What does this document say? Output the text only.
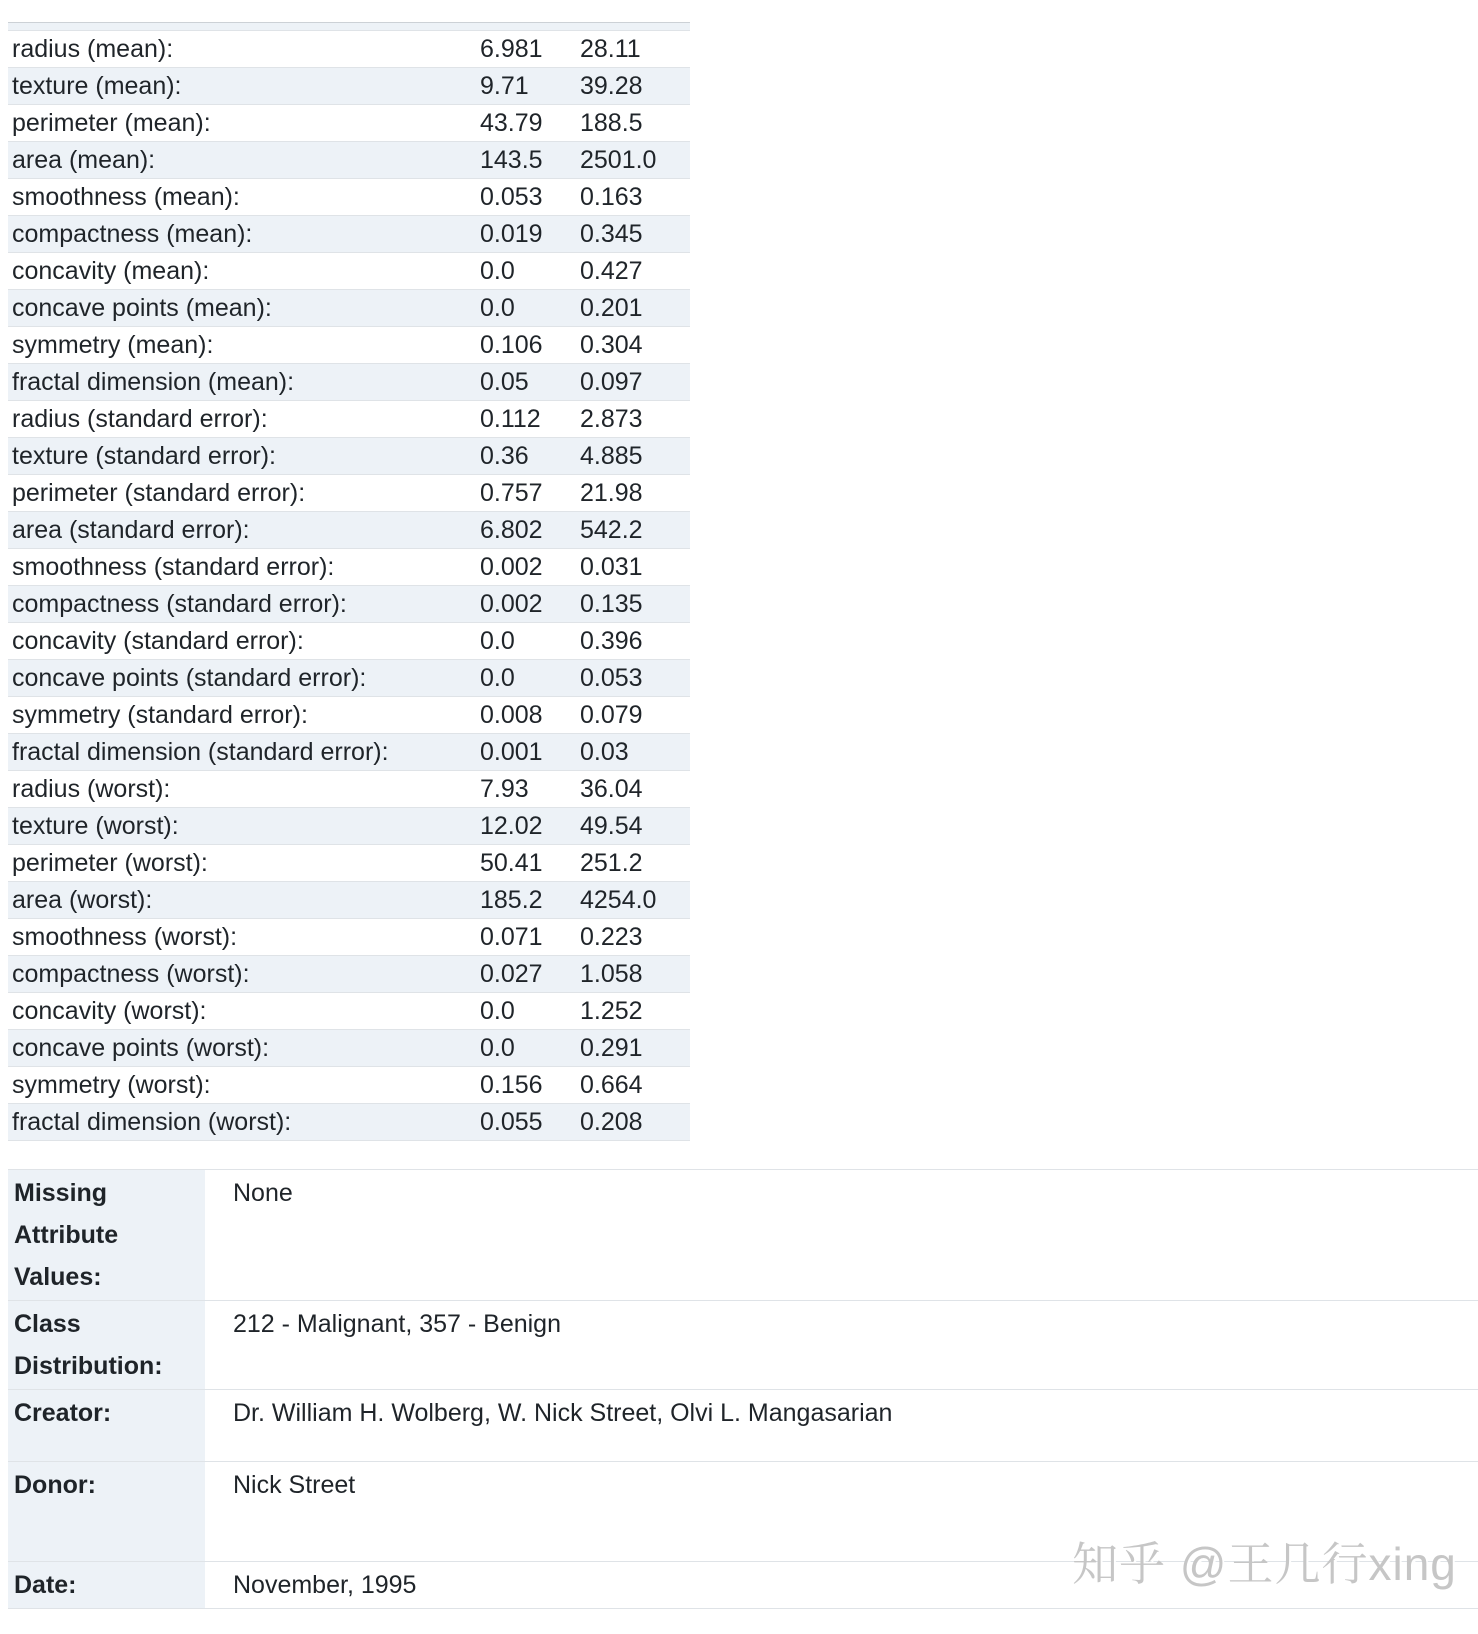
radius (mean):	6.981	28.11
texture (mean):	9.71	39.28
perimeter (mean):	43.79	188.5
area (mean):	143.5	2501.0
smoothness (mean):	0.053	0.163
compactness (mean):	0.019	0.345
concavity (mean):	0.0	0.427
concave points (mean):	0.0	0.201
symmetry (mean):	0.106	0.304
fractal dimension (mean):	0.05	0.097
radius (standard error):	0.112	2.873
texture (standard error):	0.36	4.885
perimeter (standard error):	0.757	21.98
area (standard error):	6.802	542.2
smoothness (standard error):	0.002	0.031
compactness (standard error):	0.002	0.135
concavity (standard error):	0.0	0.396
concave points (standard error):	0.0	0.053
symmetry (standard error):	0.008	0.079
fractal dimension (standard error):	0.001	0.03
radius (worst):	7.93	36.04
texture (worst):	12.02	49.54
perimeter (worst):	50.41	251.2
area (worst):	185.2	4254.0
smoothness (worst):	0.071	0.223
compactness (worst):	0.027	1.058
concavity (worst):	0.0	1.252
concave points (worst):	0.0	0.291
symmetry (worst):	0.156	0.664
fractal dimension (worst):	0.055	0.208
Missing Attribute Values:	None
Class Distribution:	212 - Malignant, 357 - Benign
Creator:	Dr. William H. Wolberg, W. Nick Street, Olvi L. Mangasarian
Donor:	Nick Street
Date:	November, 1995	知乎 @王几行xing
